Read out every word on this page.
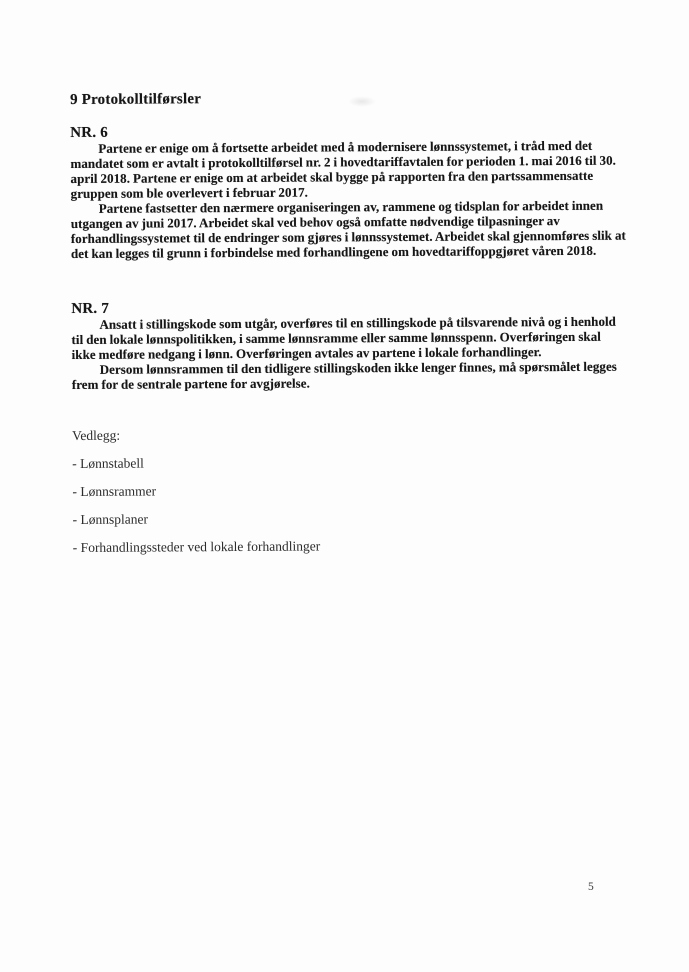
9 Protokolltilførsler
NR. 6

Partene er enige om å fortsette arbeidet med å modernisere lønnssystemet, i tråd med det mandatet som er avtalt i protokolltilførsel nr. 2 i hovedtariffavtalen for perioden 1. mai 2016 til 30. april 2018. Partene er enige om at arbeidet skal bygge på rapporten fra den partssammensatte gruppen som ble overlevert i februar 2017.

Partene fastsetter den nærmere organiseringen av, rammene og tidsplan for arbeidet innen utgangen av juni 2017. Arbeidet skal ved behov også omfatte nødvendige tilpasninger av forhandlingssystemet til de endringer som gjøres i lønnssystemet. Arbeidet skal gjennomføres slik at det kan legges til grunn i forbindelse med forhandlingene om hovedtariffoppgjøret våren 2018.

NR. 7

Ansatt i stillingskode som utgår, overføres til en stillingskode på tilsvarende nivå og i henhold til den lokale lønnspolitikken, i samme lønnsramme eller samme lønnsspenn. Overføringen skal ikke medføre nedgang i lønn. Overføringen avtales av partene i lokale forhandlinger.

Dersom lønnsrammen til den tidligere stillingskoden ikke lenger finnes, må spørsmålet legges frem for de sentrale partene for avgjørelse.

Vedlegg:
- Lønnstabell
- Lønnsrammer
- Lønnsplaner
- Forhandlingssteder ved lokale forhandlinger
5
